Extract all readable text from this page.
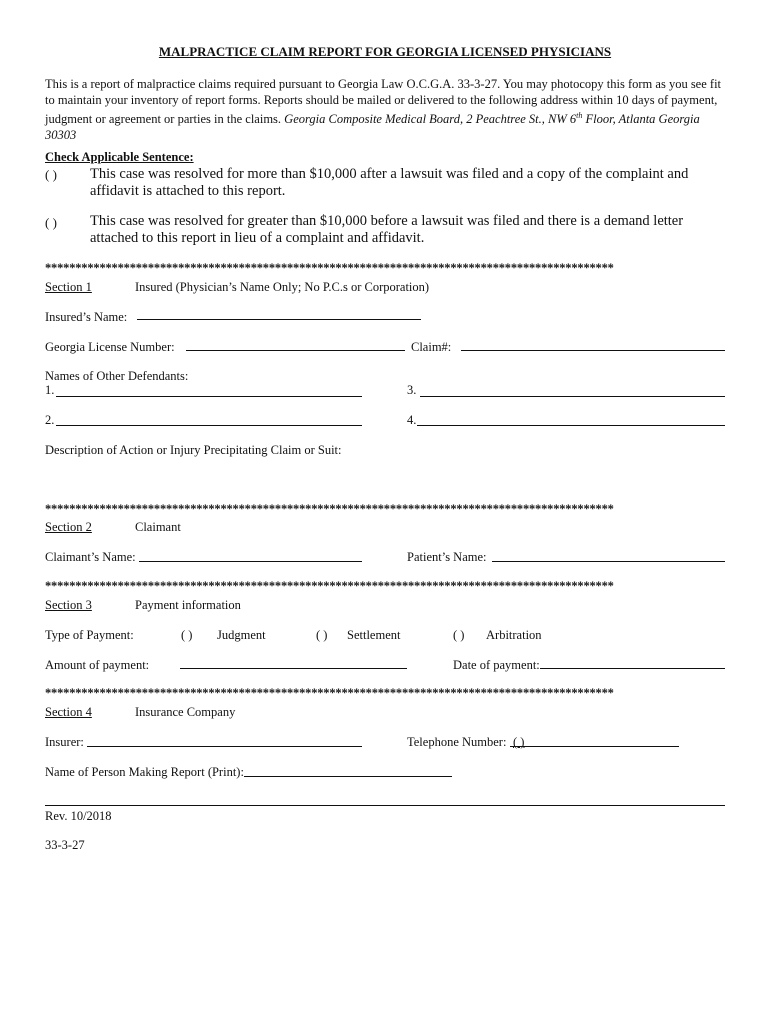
MALPRACTICE CLAIM REPORT FOR GEORGIA LICENSED PHYSICIANS
This is a report of malpractice claims required pursuant to Georgia Law O.C.G.A. 33-3-27. You may photocopy this form as you see fit to maintain your inventory of report forms. Reports should be mailed or delivered to the following address within 10 days of payment, judgment or agreement or parties in the claims. Georgia Composite Medical Board, 2 Peachtree St., NW 6th Floor, Atlanta Georgia 30303
Check Applicable Sentence:
( ) This case was resolved for more than $10,000 after a lawsuit was filed and a copy of the complaint and affidavit is attached to this report.
( ) This case was resolved for greater than $10,000 before a lawsuit was filed and there is a demand letter attached to this report in lieu of a complaint and affidavit.
**********************************************************************************************
Section 1	Insured (Physician’s Name Only; No P.C.s or Corporation)
Insured’s Name:
Georgia License Number:	Claim#:
Names of Other Defendants:
1.	3.
2.	4.
Description of Action or Injury Precipitating Claim or Suit:
**********************************************************************************************
Section 2	Claimant
Claimant’s Name:	Patient’s Name:
**********************************************************************************************
Section 3	Payment information
Type of Payment:	( ) Judgment	( ) Settlement	( ) Arbitration
Amount of payment:	Date of payment:
**********************************************************************************************
Section 4	Insurance Company
Insurer:	Telephone Number: ( )
Name of Person Making Report (Print):
Rev. 10/2018
33-3-27
